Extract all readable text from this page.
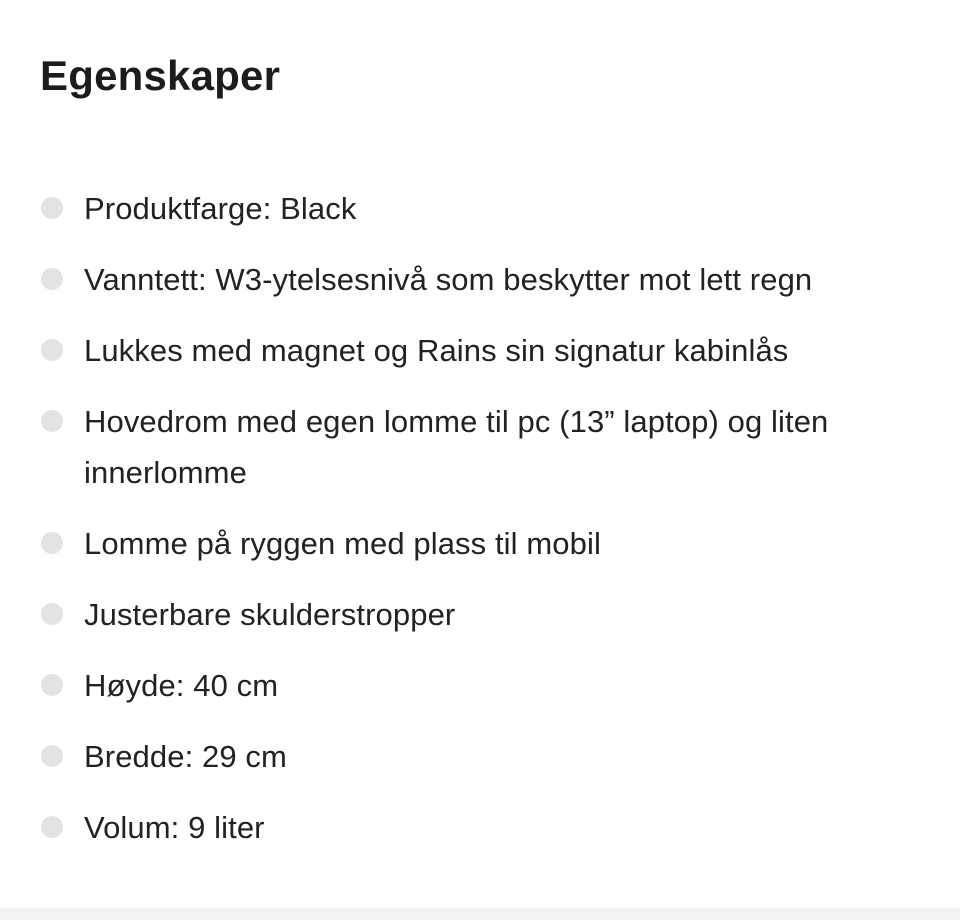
Egenskaper
Produktfarge: Black
Vanntett: W3-ytelsesnivå som beskytter mot lett regn
Lukkes med magnet og Rains sin signatur kabinlås
Hovedrom med egen lomme til pc (13” laptop) og liten innerlomme
Lomme på ryggen med plass til mobil
Justerbare skulderstropper
Høyde: 40 cm
Bredde: 29 cm
Volum: 9 liter
